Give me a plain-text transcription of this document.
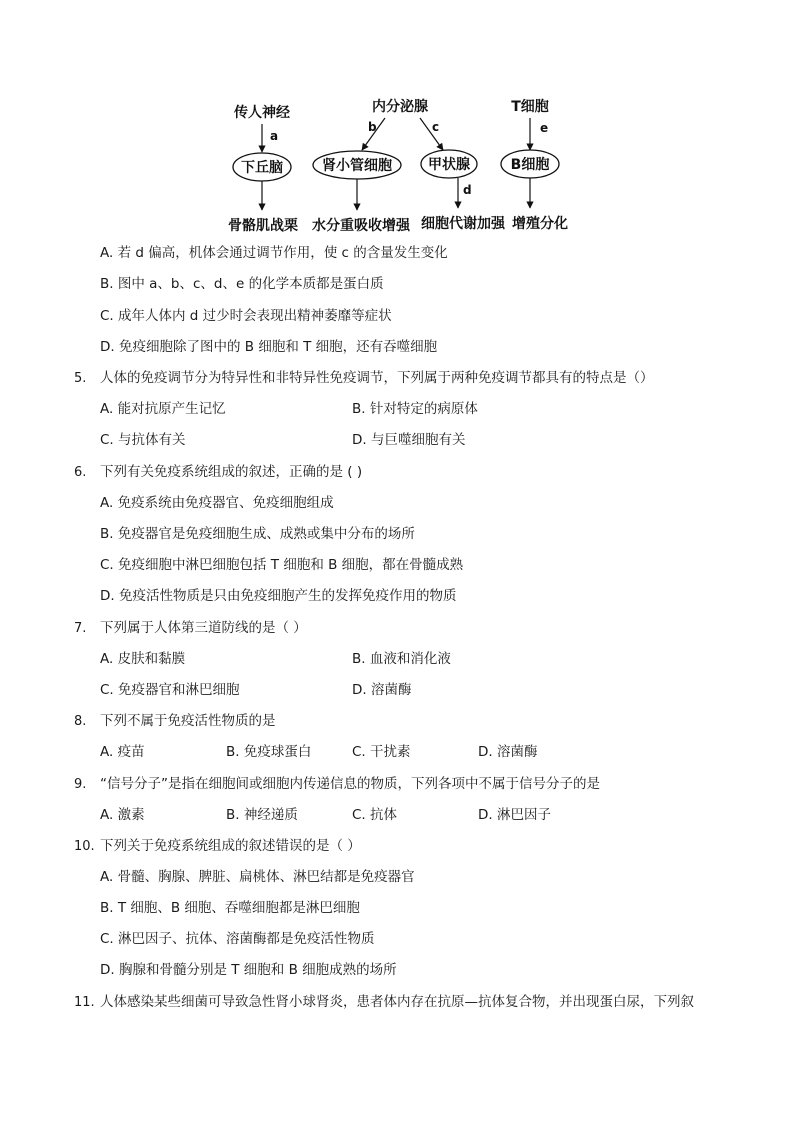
传人神经	内分泌腺	T细胞
a
b	c	e
下丘脑	肾小管细胞	甲状腺	B细胞
d
骨骼肌战栗 水分重吸收增强 细胞代谢加强 增殖分化
A. 若 d 偏高，机体会通过调节作用，使 c 的含量发生变化
B. 图中 a、b、c、d、e 的化学本质都是蛋白质
C. 成年人体内 d 过少时会表现出精神萎靡等症状
D. 免疫细胞除了图中的 B 细胞和 T 细胞，还有吞噬细胞
5. 人体的免疫调节分为特异性和非特异性免疫调节，下列属于两种免疫调节都具有的特点是（）
A. 能对抗原产生记忆	B. 针对特定的病原体
C. 与抗体有关	D. 与巨噬细胞有关
6. 下列有关免疫系统组成的叙述，正确的是 ( )
A. 免疫系统由免疫器官、免疫细胞组成
B. 免疫器官是免疫细胞生成、成熟或集中分布的场所
C. 免疫细胞中淋巴细胞包括 T 细胞和 B 细胞，都在骨髓成熟
D. 免疫活性物质是只由免疫细胞产生的发挥免疫作用的物质
7. 下列属于人体第三道防线的是（ ）
A. 皮肤和黏膜	B. 血液和消化液
C. 免疫器官和淋巴细胞	D. 溶菌酶
8. 下列不属于免疫活性物质的是
A. 疫苗	B. 免疫球蛋白	C. 干扰素	D. 溶菌酶
9. “信号分子”是指在细胞间或细胞内传递信息的物质，下列各项中不属于信号分子的是
A. 激素	B. 神经递质	C. 抗体	D. 淋巴因子
10. 下列关于免疫系统组成的叙述错误的是（ ）
A. 骨髓、胸腺、脾脏、扁桃体、淋巴结都是免疫器官
B. T 细胞、B 细胞、吞噬细胞都是淋巴细胞
C. 淋巴因子、抗体、溶菌酶都是免疫活性物质
D. 胸腺和骨髓分别是 T 细胞和 B 细胞成熟的场所
11. 人体感染某些细菌可导致急性肾小球肾炎，患者体内存在抗原—抗体复合物，并出现蛋白尿，下列叙
